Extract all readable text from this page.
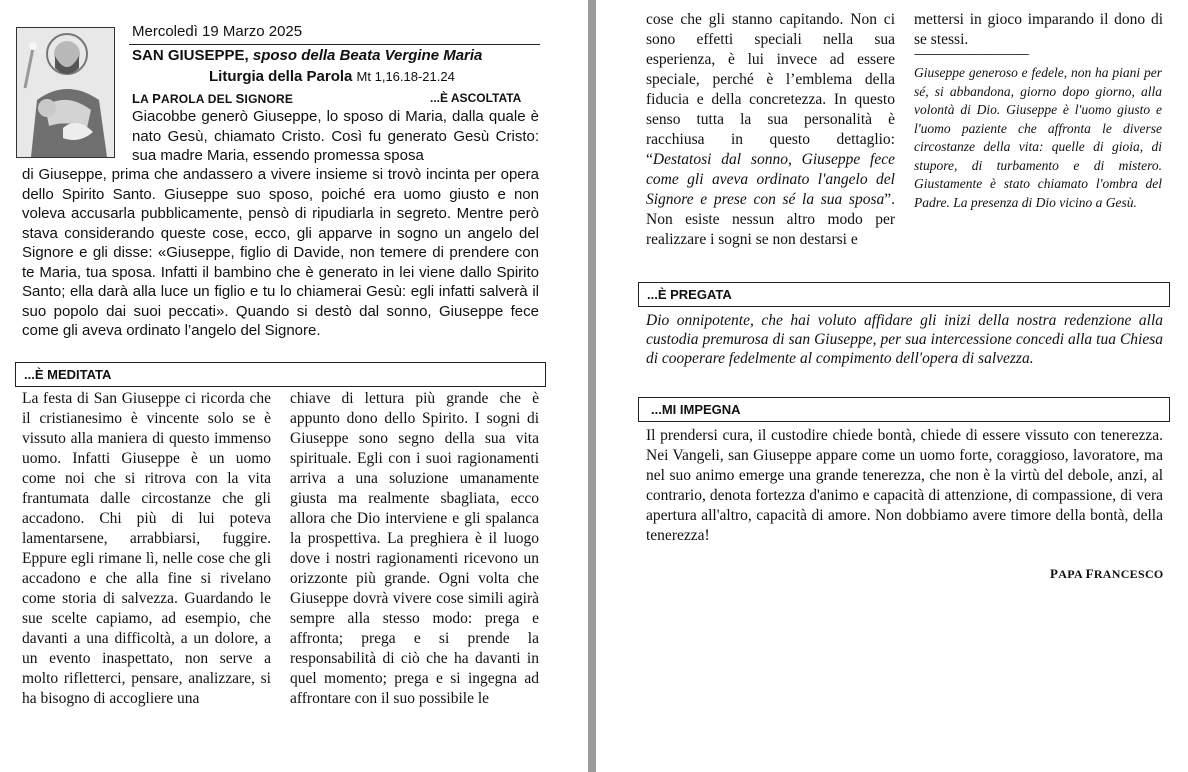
Mercoledì 19 Marzo 2025
SAN GIUSEPPE, sposo della Beata Vergine Maria
Liturgia della Parola Mt 1,16.18-21.24
LA PAROLA DEL SIGNORE	...È ASCOLTATA
Giacobbe generò Giuseppe, lo sposo di Maria, dalla quale è nato Gesù, chiamato Cristo. Così fu generato Gesù Cristo: sua madre Maria, essendo promessa sposa
di Giuseppe, prima che andassero a vivere insieme si trovò incinta per opera dello Spirito Santo. Giuseppe suo sposo, poiché era uomo giusto e non voleva accusarla pubblicamente, pensò di ripudiarla in segreto. Mentre però stava considerando queste cose, ecco, gli apparve in sogno un angelo del Signore e gli disse: «Giuseppe, figlio di Davide, non temere di prendere con te Maria, tua sposa. Infatti il bambino che è generato in lei viene dallo Spirito Santo; ella darà alla luce un figlio e tu lo chiamerai Gesù: egli infatti salverà il suo popolo dai suoi peccati». Quando si destò dal sonno, Giuseppe fece come gli aveva ordinato l’angelo del Signore.
...È MEDITATA
La festa di San Giuseppe ci ricorda che il cristianesimo è vincente solo se è vissuto alla maniera di questo immenso uomo. Infatti Giuseppe è un uomo come noi che si ritrova con la vita frantumata dalle circostanze che gli accadono. Chi più di lui poteva lamentarsene, arrabbiarsi, fuggire. Eppure egli rimane lì, nelle cose che gli accadono e che alla fine si rivelano come storia di salvezza. Guardando le sue scelte capiamo, ad esempio, che davanti a una difficoltà, a un dolore, a un evento inaspettato, non serve a molto rifletterci, pensare, analizzare, si ha bisogno di accogliere una
chiave di lettura più grande che è appunto dono dello Spirito. I sogni di Giuseppe sono segno della sua vita spirituale. Egli con i suoi ragionamenti arriva a una soluzione umanamente giusta ma realmente sbagliata, ecco allora che Dio interviene e gli spalanca la prospettiva. La preghiera è il luogo dove i nostri ragionamenti ricevono un orizzonte più grande. Ogni volta che Giuseppe dovrà vivere cose simili agirà sempre alla stesso modo: prega e affronta; prega e si prende la responsabilità di ciò che ha davanti in quel momento; prega e si ingegna ad affrontare con il suo possibile le
cose che gli stanno capitando. Non ci sono effetti speciali nella sua esperienza, è lui invece ad essere speciale, perché è l’emblema della fiducia e della concretezza. In questo senso tutta la sua personalità è racchiusa in questo dettaglio: “Destatosi dal sonno, Giuseppe fece come gli aveva ordinato l'angelo del Signore e prese con sé la sua sposa”. Non esiste nessun altro modo per realizzare i sogni se non destarsi e
mettersi in gioco imparando il dono di se stessi.
-------------------------------------------------
Giuseppe generoso e fedele, non ha piani per sé, si abbandona, giorno dopo giorno, alla volontà di Dio. Giuseppe è l'uomo giusto e l'uomo paziente che affronta le diverse circostanze della vita: quelle di gioia, di stupore, di turbamento e di mistero. Giustamente è stato chiamato l'ombra del Padre. La presenza di Dio vicino a Gesù.
...È PREGATA
Dio onnipotente, che hai voluto affidare gli inizi della nostra redenzione alla custodia premurosa di san Giuseppe, per sua intercessione concedi alla tua Chiesa di cooperare fedelmente al compimento dell'opera di salvezza.
...MI IMPEGNA
Il prendersi cura, il custodire chiede bontà, chiede di essere vissuto con tenerezza. Nei Vangeli, san Giuseppe appare come un uomo forte, coraggioso, lavoratore, ma nel suo animo emerge una grande tenerezza, che non è la virtù del debole, anzi, al contrario, denota fortezza d'animo e capacità di attenzione, di compassione, di vera apertura all'altro, capacità di amore. Non dobbiamo avere timore della bontà, della tenerezza!
PAPA FRANCESCO
